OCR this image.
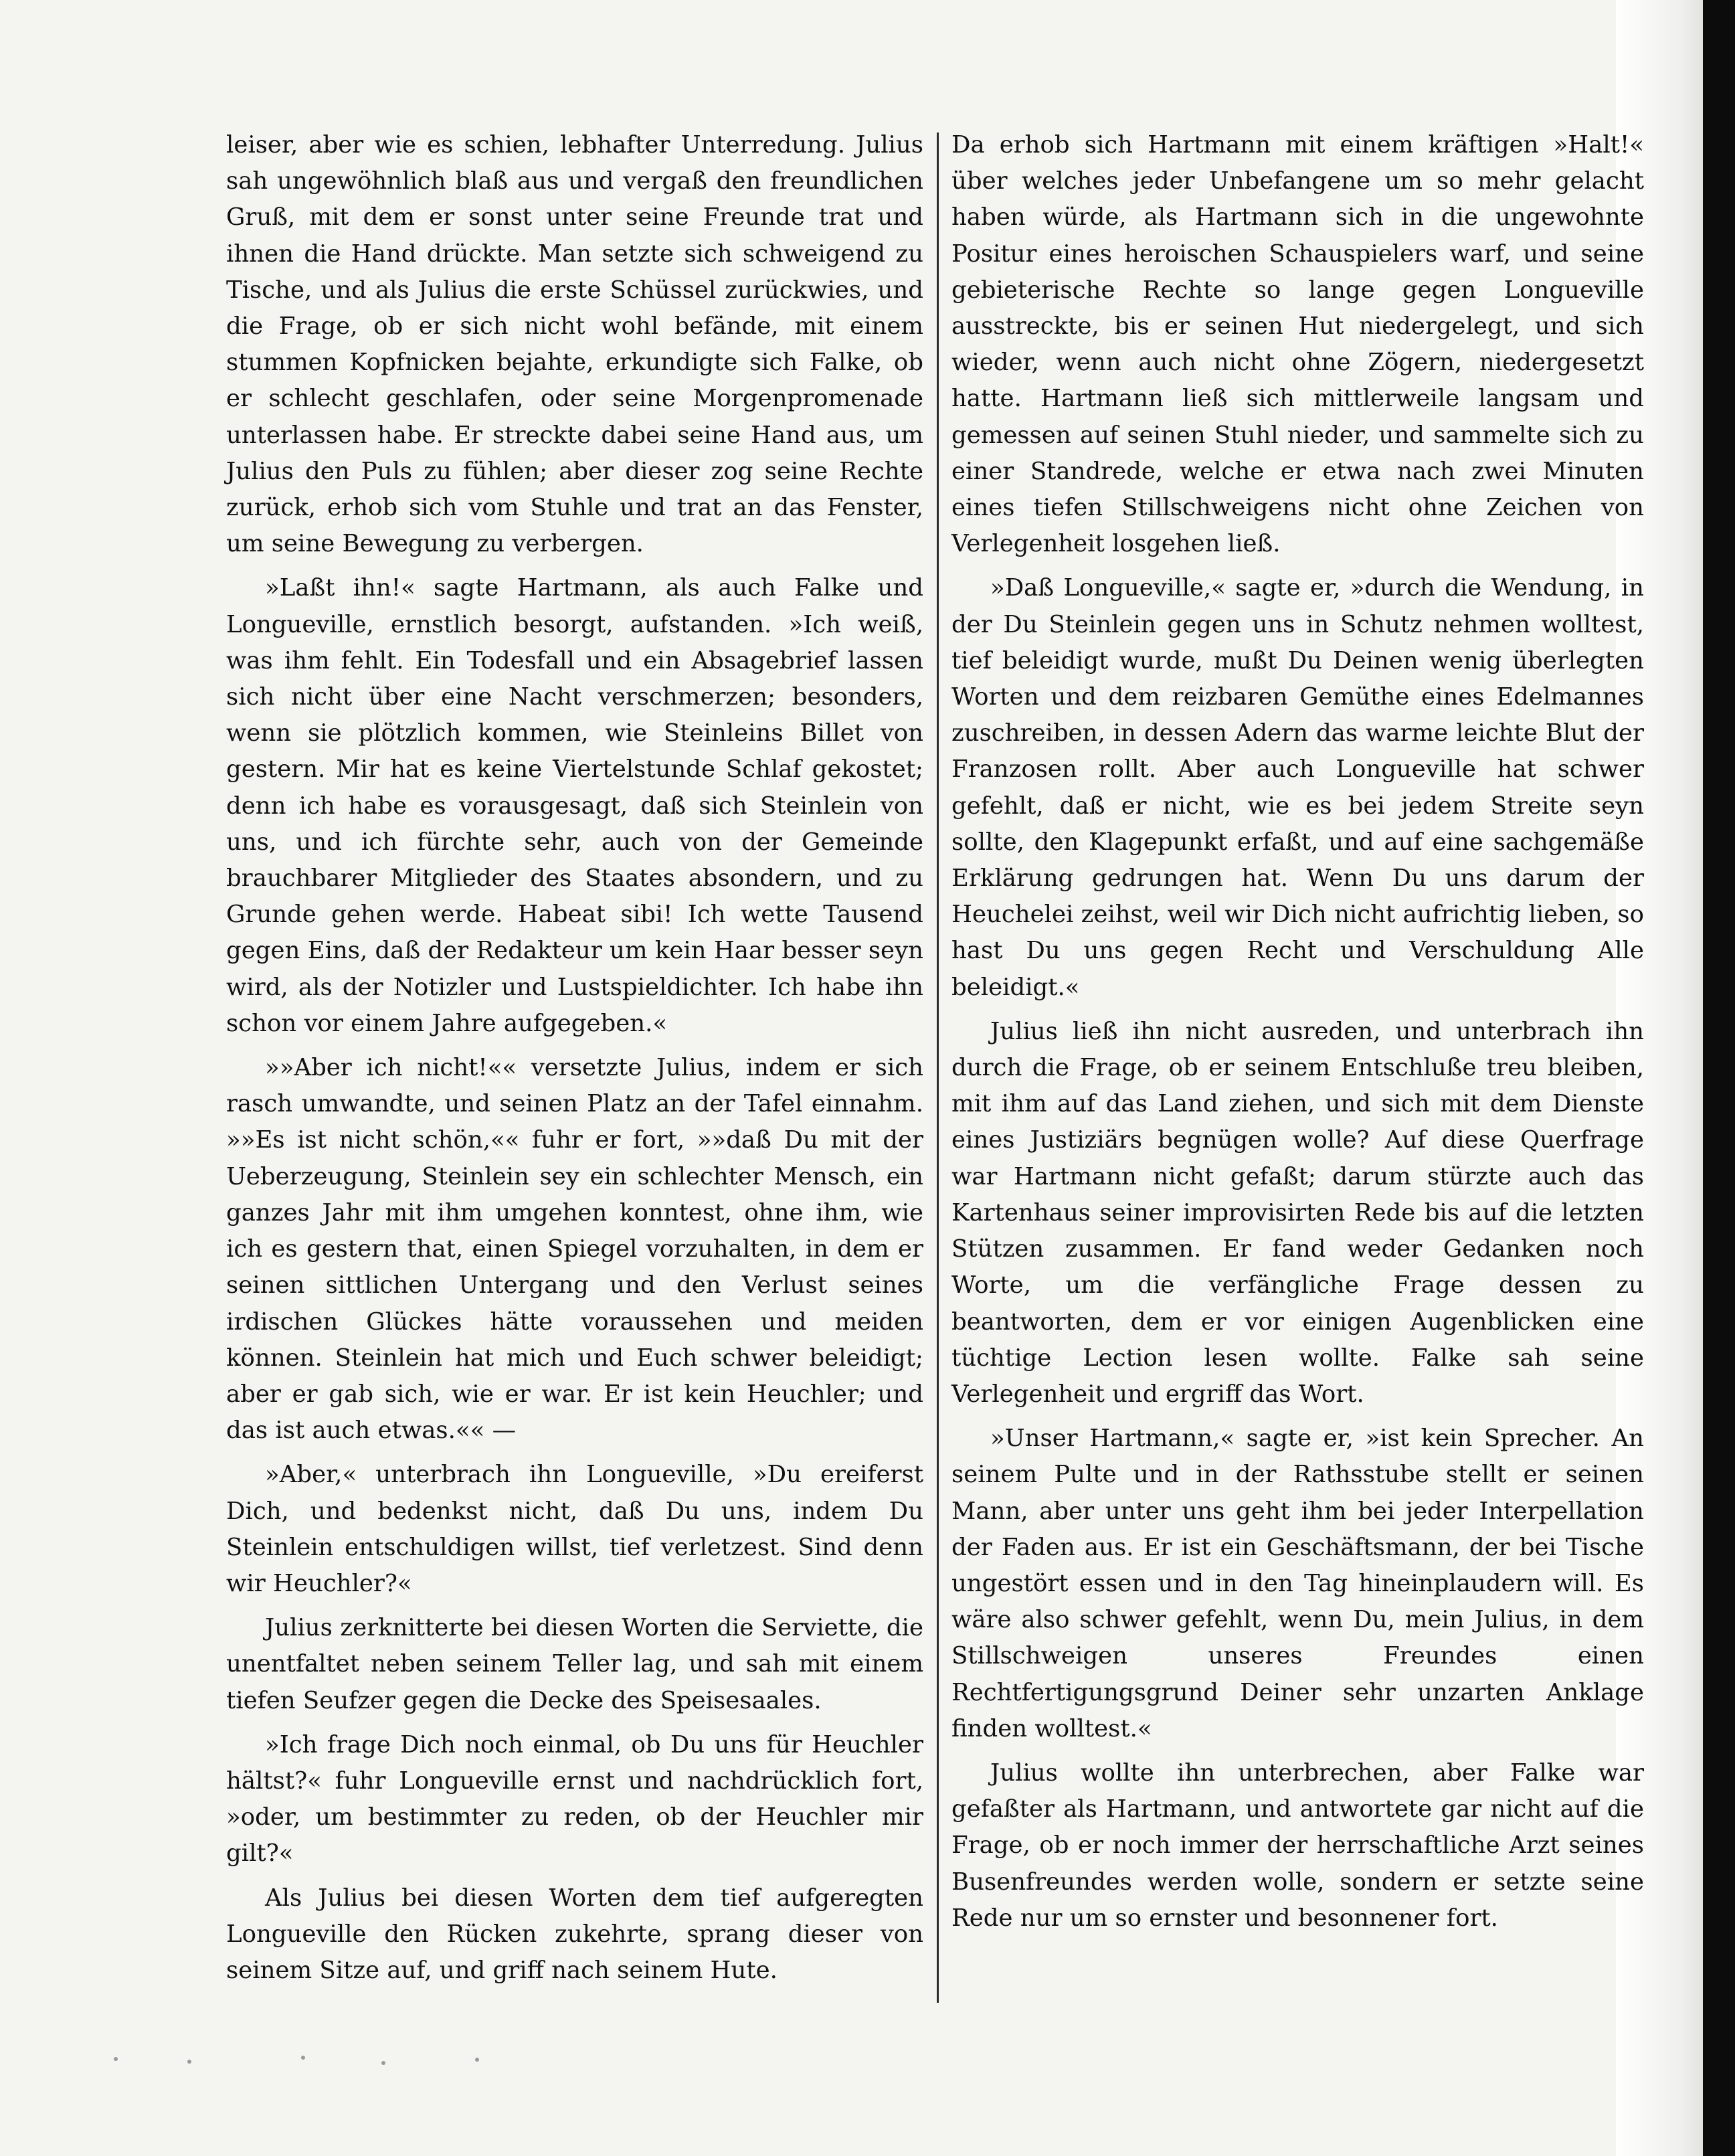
leiser, aber wie es schien, lebhafter Unterredung. Julius sah ungewöhnlich blaß aus und vergaß den freundlichen Gruß, mit dem er sonst unter seine Freunde trat und ihnen die Hand drückte. Man setzte sich schweigend zu Tische, und als Julius die erste Schüssel zurückwies, und die Frage, ob er sich nicht wohl befände, mit einem stummen Kopfnicken bejahte, erkundigte sich Falke, ob er schlecht geschlafen, oder seine Morgenpromenade unterlassen habe. Er streckte dabei seine Hand aus, um Julius den Puls zu fühlen; aber dieser zog seine Rechte zurück, erhob sich vom Stuhle und trat an das Fenster, um seine Bewegung zu verbergen.

»Laßt ihn!« sagte Hartmann, als auch Falke und Longueville, ernstlich besorgt, aufstanden. »Ich weiß, was ihm fehlt. Ein Todesfall und ein Absagebrief lassen sich nicht über eine Nacht verschmerzen; besonders, wenn sie plötzlich kommen, wie Steinleins Billet von gestern. Mir hat es keine Viertelstunde Schlaf gekostet; denn ich habe es vorausgesagt, daß sich Steinlein von uns, und ich fürchte sehr, auch von der Gemeinde brauchbarer Mitglieder des Staates absondern, und zu Grunde gehen werde. Habeat sibi! Ich wette Tausend gegen Eins, daß der Redakteur um kein Haar besser seyn wird, als der Notizler und Lustspieldichter. Ich habe ihn schon vor einem Jahre aufgegeben.«

»»Aber ich nicht!«« versetzte Julius, indem er sich rasch umwandte, und seinen Platz an der Tafel einnahm. »»Es ist nicht schön,«« fuhr er fort, »»daß Du mit der Ueberzeugung, Steinlein sey ein schlechter Mensch, ein ganzes Jahr mit ihm umgehen konntest, ohne ihm, wie ich es gestern that, einen Spiegel vorzuhalten, in dem er seinen sittlichen Untergang und den Verlust seines irdischen Glückes hätte voraussehen und meiden können. Steinlein hat mich und Euch schwer beleidigt; aber er gab sich, wie er war. Er ist kein Heuchler; und das ist auch etwas.«« —

»Aber,« unterbrach ihn Longueville, »Du ereiferst Dich, und bedenkst nicht, daß Du uns, indem Du Steinlein entschuldigen willst, tief verletzest. Sind denn wir Heuchler?«

Julius zerknitterte bei diesen Worten die Serviette, die unentfaltet neben seinem Teller lag, und sah mit einem tiefen Seufzer gegen die Decke des Speisesaales.

»Ich frage Dich noch einmal, ob Du uns für Heuchler hältst?« fuhr Longueville ernst und nachdrücklich fort, »oder, um bestimmter zu reden, ob der Heuchler mir gilt?«

Als Julius bei diesen Worten dem tief aufgeregten Longueville den Rücken zukehrte, sprang dieser von seinem Sitze auf, und griff nach seinem Hute.

Da erhob sich Hartmann mit einem kräftigen »Halt!« über welches jeder Unbefangene um so mehr gelacht haben würde, als Hartmann sich in die ungewohnte Positur eines heroischen Schauspielers warf, und seine gebieterische Rechte so lange gegen Longueville ausstreckte, bis er seinen Hut niedergelegt, und sich wieder, wenn auch nicht ohne Zögern, niedergesetzt hatte. Hartmann ließ sich mittlerweile langsam und gemessen auf seinen Stuhl nieder, und sammelte sich zu einer Standrede, welche er etwa nach zwei Minuten eines tiefen Stillschweigens nicht ohne Zeichen von Verlegenheit losgehen ließ.

»Daß Longueville,« sagte er, »durch die Wendung, in der Du Steinlein gegen uns in Schutz nehmen wolltest, tief beleidigt wurde, mußt Du Deinen wenig überlegten Worten und dem reizbaren Gemüthe eines Edelmannes zuschreiben, in dessen Adern das warme leichte Blut der Franzosen rollt. Aber auch Longueville hat schwer gefehlt, daß er nicht, wie es bei jedem Streite seyn sollte, den Klagepunkt erfaßt, und auf eine sachgemäße Erklärung gedrungen hat. Wenn Du uns darum der Heuchelei zeihst, weil wir Dich nicht aufrichtig lieben, so hast Du uns gegen Recht und Verschuldung Alle beleidigt.«

Julius ließ ihn nicht ausreden, und unterbrach ihn durch die Frage, ob er seinem Entschluße treu bleiben, mit ihm auf das Land ziehen, und sich mit dem Dienste eines Justiziärs begnügen wolle? Auf diese Querfrage war Hartmann nicht gefaßt; darum stürzte auch das Kartenhaus seiner improvisirten Rede bis auf die letzten Stützen zusammen. Er fand weder Gedanken noch Worte, um die verfängliche Frage dessen zu beantworten, dem er vor einigen Augenblicken eine tüchtige Lection lesen wollte. Falke sah seine Verlegenheit und ergriff das Wort.

»Unser Hartmann,« sagte er, »ist kein Sprecher. An seinem Pulte und in der Rathsstube stellt er seinen Mann, aber unter uns geht ihm bei jeder Interpellation der Faden aus. Er ist ein Geschäftsmann, der bei Tische ungestört essen und in den Tag hineinplaudern will. Es wäre also schwer gefehlt, wenn Du, mein Julius, in dem Stillschweigen unseres Freundes einen Rechtfertigungsgrund Deiner sehr unzarten Anklage finden wolltest.«

Julius wollte ihn unterbrechen, aber Falke war gefaßter als Hartmann, und antwortete gar nicht auf die Frage, ob er noch immer der herrschaftliche Arzt seines Busenfreundes werden wolle, sondern er setzte seine Rede nur um so ernster und besonnener fort.
